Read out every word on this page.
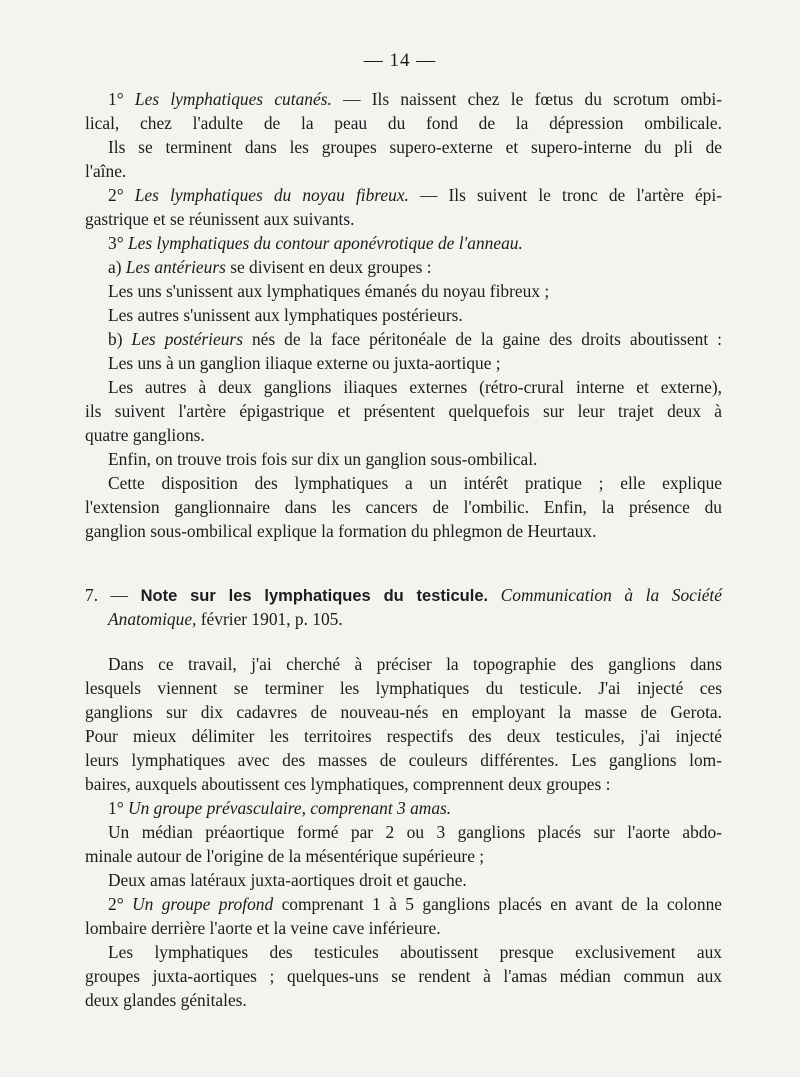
— 14 —
1° Les lymphatiques cutanés. — Ils naissent chez le fœtus du scrotum ombi-
lical, chez l'adulte de la peau du fond de la dépression ombilicale.
Ils se terminent dans les groupes supero-externe et supero-interne du pli de
l'aîne.
2° Les lymphatiques du noyau fibreux. — Ils suivent le tronc de l'artère épi-
gastrique et se réunissent aux suivants.
3° Les lymphatiques du contour aponévrotique de l'anneau.
a) Les antérieurs se divisent en deux groupes :
Les uns s'unissent aux lymphatiques émanés du noyau fibreux ;
Les autres s'unissent aux lymphatiques postérieurs.
b) Les postérieurs nés de la face péritonéale de la gaine des droits aboutissent :
Les uns à un ganglion iliaque externe ou juxta-aortique ;
Les autres à deux ganglions iliaques externes (rétro-crural interne et externe),
ils suivent l'artère épigastrique et présentent quelquefois sur leur trajet deux à
quatre ganglions.
Enfin, on trouve trois fois sur dix un ganglion sous-ombilical.
Cette disposition des lymphatiques a un intérêt pratique ; elle explique
l'extension ganglionnaire dans les cancers de l'ombilic. Enfin, la présence du
ganglion sous-ombilical explique la formation du phlegmon de Heurtaux.
7. — Note sur les lymphatiques du testicule. Communication à la Société
Anatomique, février 1901, p. 105.
Dans ce travail, j'ai cherché à préciser la topographie des ganglions dans
lesquels viennent se terminer les lymphatiques du testicule. J'ai injecté ces
ganglions sur dix cadavres de nouveau-nés en employant la masse de Gerota.
Pour mieux délimiter les territoires respectifs des deux testicules, j'ai injecté
leurs lymphatiques avec des masses de couleurs différentes. Les ganglions lom-
baires, auxquels aboutissent ces lymphatiques, comprennent deux groupes :
1° Un groupe prévasculaire, comprenant 3 amas.
Un médian préaortique formé par 2 ou 3 ganglions placés sur l'aorte abdo-
minale autour de l'origine de la mésentérique supérieure ;
Deux amas latéraux juxta-aortiques droit et gauche.
2° Un groupe profond comprenant 1 à 5 ganglions placés en avant de la colonne
lombaire derrière l'aorte et la veine cave inférieure.
Les lymphatiques des testicules aboutissent presque exclusivement aux
groupes juxta-aortiques ; quelques-uns se rendent à l'amas médian commun aux
deux glandes génitales.
